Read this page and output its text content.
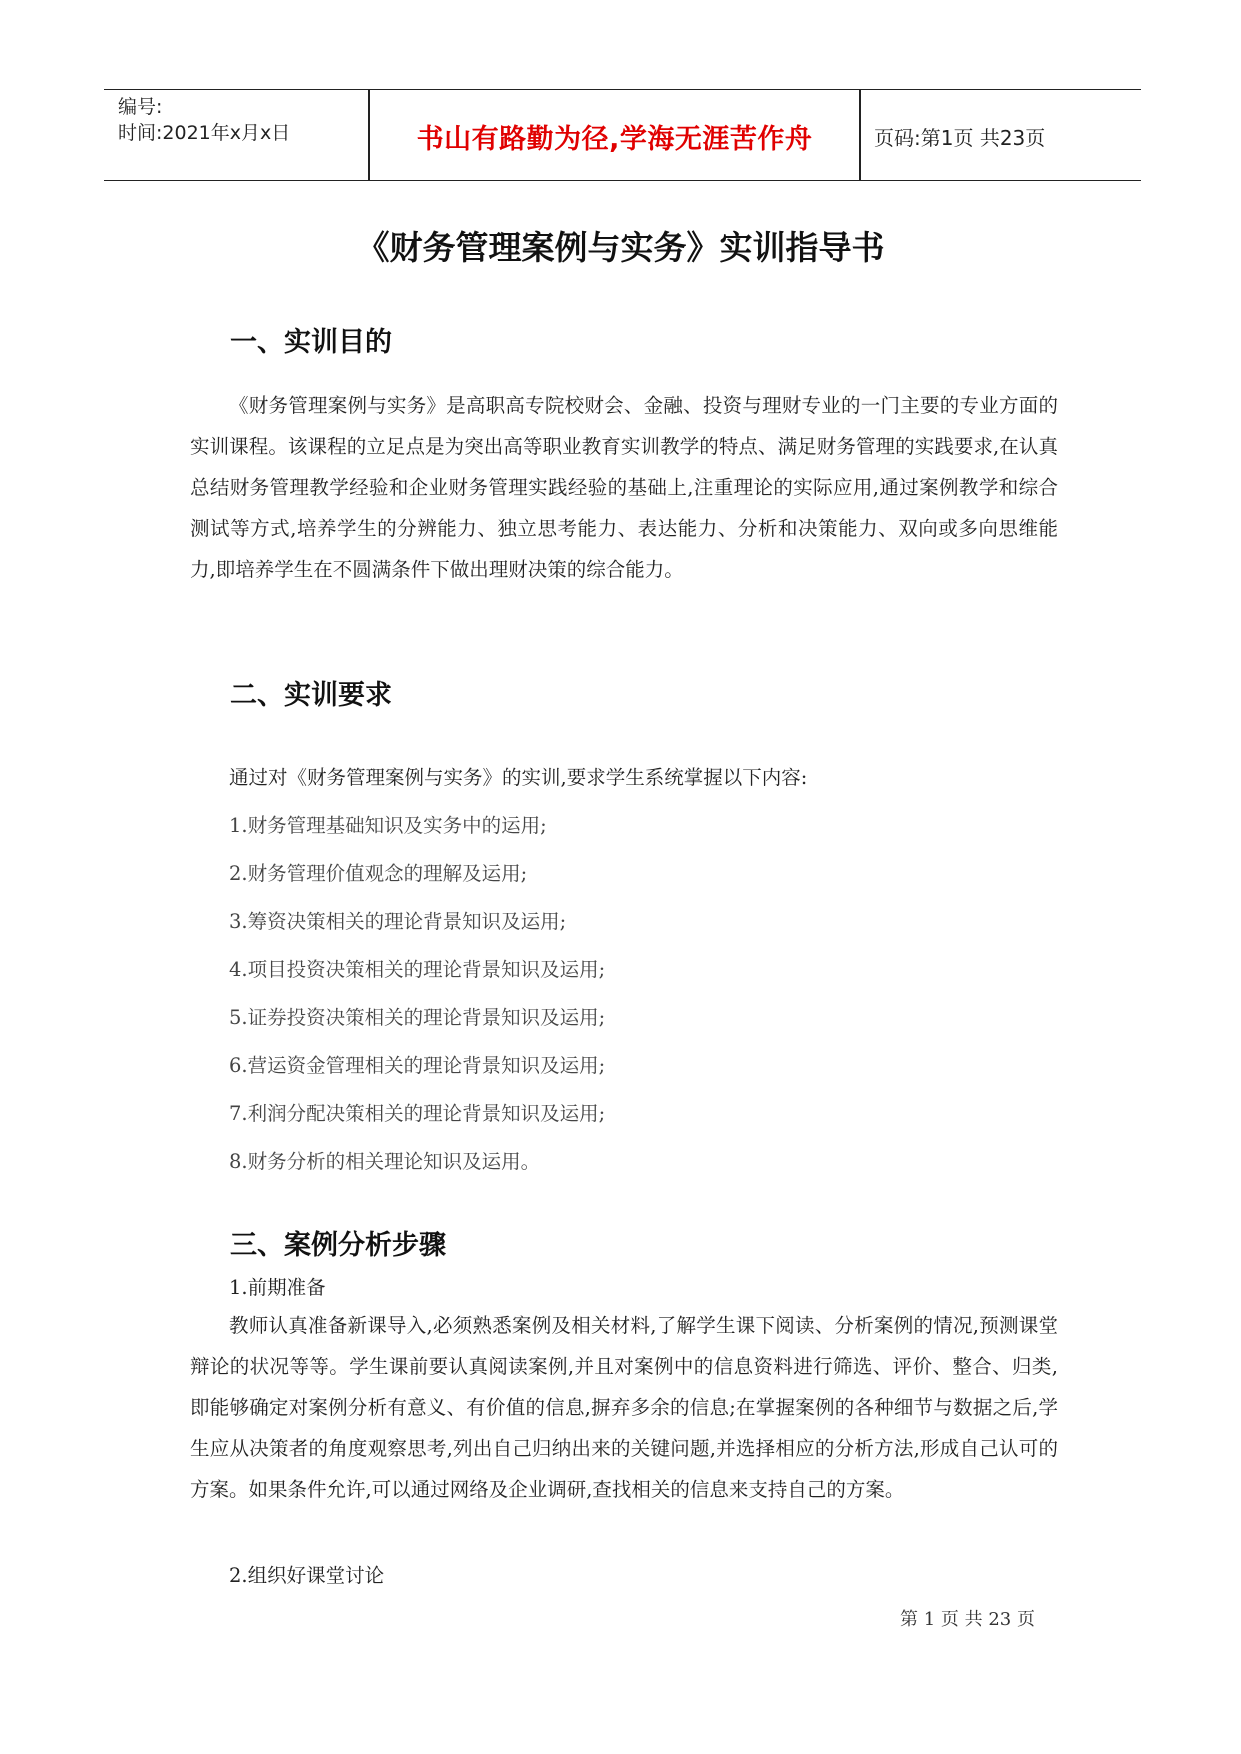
编号:
时间:2021年x月x日	书山有路勤为径,学海无涯苦作舟	页码:第1页 共23页
《财务管理案例与实务》实训指导书
一、实训目的
《财务管理案例与实务》是高职高专院校财会、金融、投资与理财专业的一门主要的专业方面的实训课程。该课程的立足点是为突出高等职业教育实训教学的特点、满足财务管理的实践要求,在认真总结财务管理教学经验和企业财务管理实践经验的基础上,注重理论的实际应用,通过案例教学和综合测试等方式,培养学生的分辨能力、独立思考能力、表达能力、分析和决策能力、双向或多向思维能力,即培养学生在不圆满条件下做出理财决策的综合能力。
二、实训要求
通过对《财务管理案例与实务》的实训,要求学生系统掌握以下内容:
1.财务管理基础知识及实务中的运用;
2.财务管理价值观念的理解及运用;
3.筹资决策相关的理论背景知识及运用;
4.项目投资决策相关的理论背景知识及运用;
5.证券投资决策相关的理论背景知识及运用;
6.营运资金管理相关的理论背景知识及运用;
7.利润分配决策相关的理论背景知识及运用;
8.财务分析的相关理论知识及运用。
三、案例分析步骤
1.前期准备
教师认真准备新课导入,必须熟悉案例及相关材料,了解学生课下阅读、分析案例的情况,预测课堂辩论的状况等等。学生课前要认真阅读案例,并且对案例中的信息资料进行筛选、评价、整合、归类,即能够确定对案例分析有意义、有价值的信息,摒弃多余的信息;在掌握案例的各种细节与数据之后,学生应从决策者的角度观察思考,列出自己归纳出来的关键问题,并选择相应的分析方法,形成自己认可的方案。如果条件允许,可以通过网络及企业调研,查找相关的信息来支持自己的方案。
2.组织好课堂讨论
第 1 页 共 23 页
